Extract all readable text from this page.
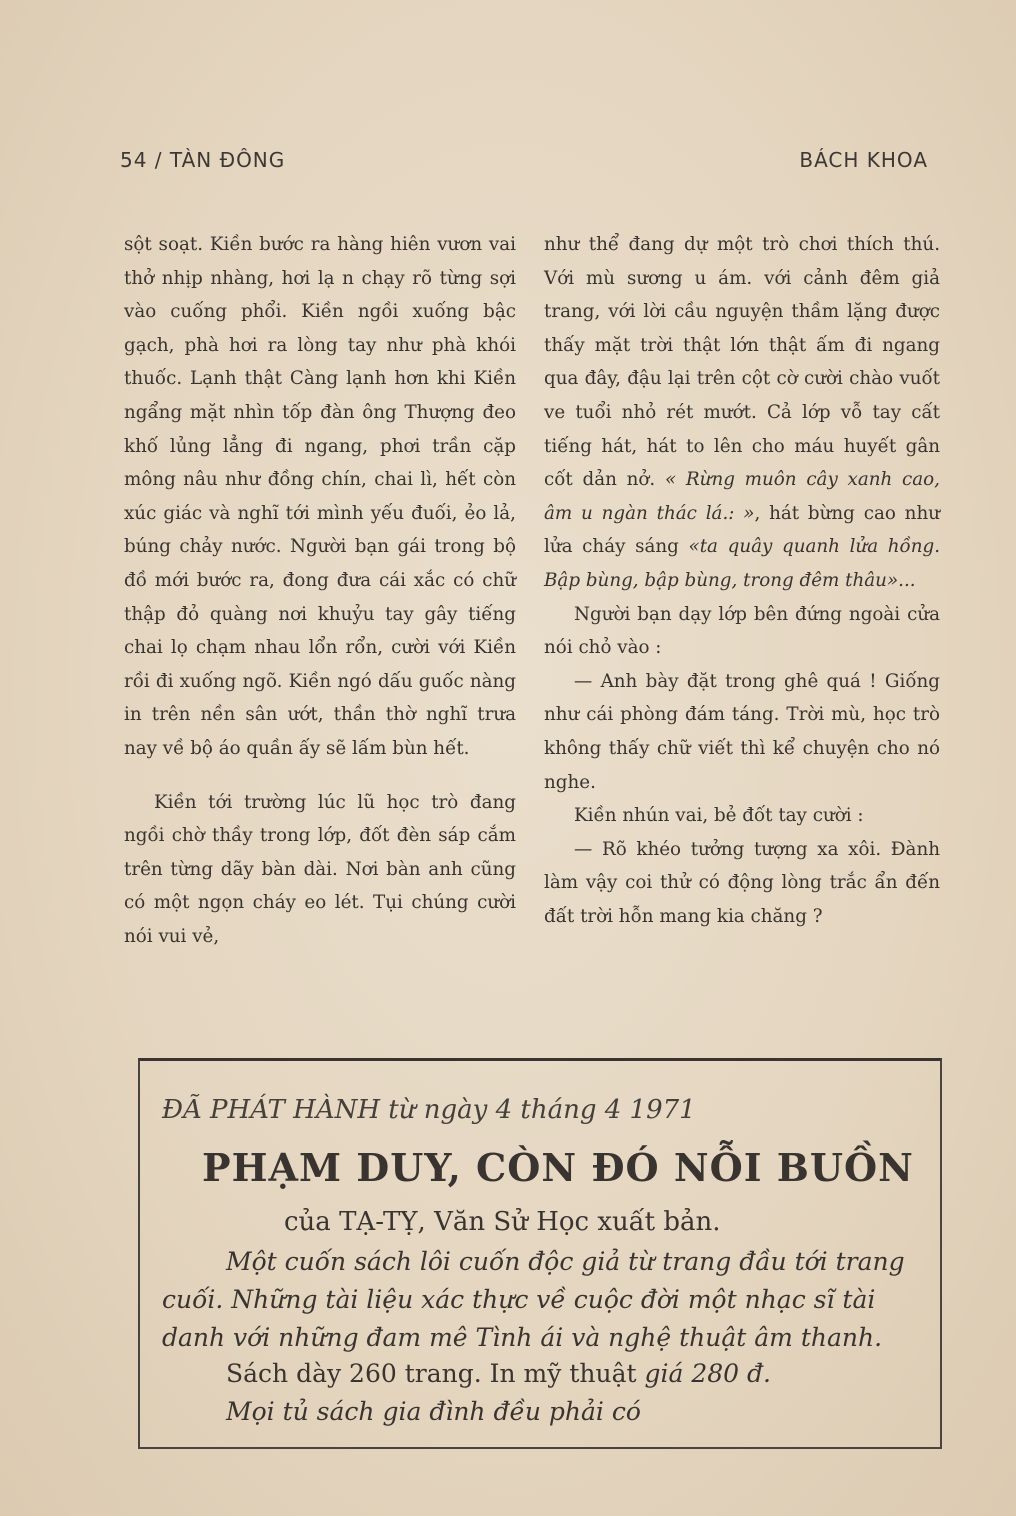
54 / TÀN ĐÔNG	BÁCH KHOA

sột soạt. Kiền bước ra hàng hiên vươn vai thở nhịp nhàng, hơi lạ n chạy rõ từng sợi vào cuống phổi. Kiền ngồi xuống bậc gạch, phà hơi ra lòng tay như phà khói thuốc. Lạnh thật Càng lạnh hơn khi Kiền ngẩng mặt nhìn tốp đàn ông Thượng đeo khố lủng lẳng đi ngang, phơi trần cặp mông nâu như đồng chín, chai lì, hết còn xúc giác và nghĩ tới mình yếu đuối, ẻo lả, búng chảy nước. Người bạn gái trong bộ đồ mới bước ra, đong đưa cái xắc có chữ thập đỏ quàng nơi khuỷu tay gây tiếng chai lọ chạm nhau lổn rổn, cười với Kiền rồi đi xuống ngõ. Kiền ngó dấu guốc nàng in trên nền sân ướt, thần thờ nghĩ trưa nay về bộ áo quần ấy sẽ lấm bùn hết.

Kiền tới trường lúc lũ học trò đang ngồi chờ thầy trong lớp, đốt đèn sáp cắm trên từng dãy bàn dài. Nơi bàn anh cũng có một ngọn cháy eo lét. Tụi chúng cười nói vui vẻ,

như thể đang dự một trò chơi thích thú. Với mù sương u ám. với cảnh đêm giả trang, với lời cầu nguyện thầm lặng được thấy mặt trời thật lớn thật ấm đi ngang qua đây, đậu lại trên cột cờ cười chào vuốt ve tuổi nhỏ rét mướt. Cả lớp vỗ tay cất tiếng hát, hát to lên cho máu huyết gân cốt dản nở. « Rừng muôn cây xanh cao, âm u ngàn thác lá.: », hát bừng cao như lửa cháy sáng «ta quây quanh lửa hồng. Bập bùng, bập bùng, trong đêm thâu»...

Người bạn dạy lớp bên đứng ngoài cửa nói chỏ vào :

— Anh bày đặt trong ghê quá ! Giống như cái phòng đám táng. Trời mù, học trò không thấy chữ viết thì kể chuyện cho nó nghe.

Kiền nhún vai, bẻ đốt tay cười :

— Rõ khéo tưởng tượng xa xôi. Đành làm vậy coi thử có động lòng trắc ẩn đến đất trời hỗn mang kia chăng ?

ĐÃ PHÁT HÀNH từ ngày 4 tháng 4 1971
PHẠM DUY, CÒN ĐÓ NỖI BUỒN
của TẠ-TỴ, Văn Sử Học xuất bản.
Một cuốn sách lôi cuốn độc giả từ trang đầu tới trang cuối. Những tài liệu xác thực về cuộc đời một nhạc sĩ tài danh với những đam mê Tình ái và nghệ thuật âm thanh.
Sách dày 260 trang. In mỹ thuật giá 280 đ.
Mọi tủ sách gia đình đều phải có
